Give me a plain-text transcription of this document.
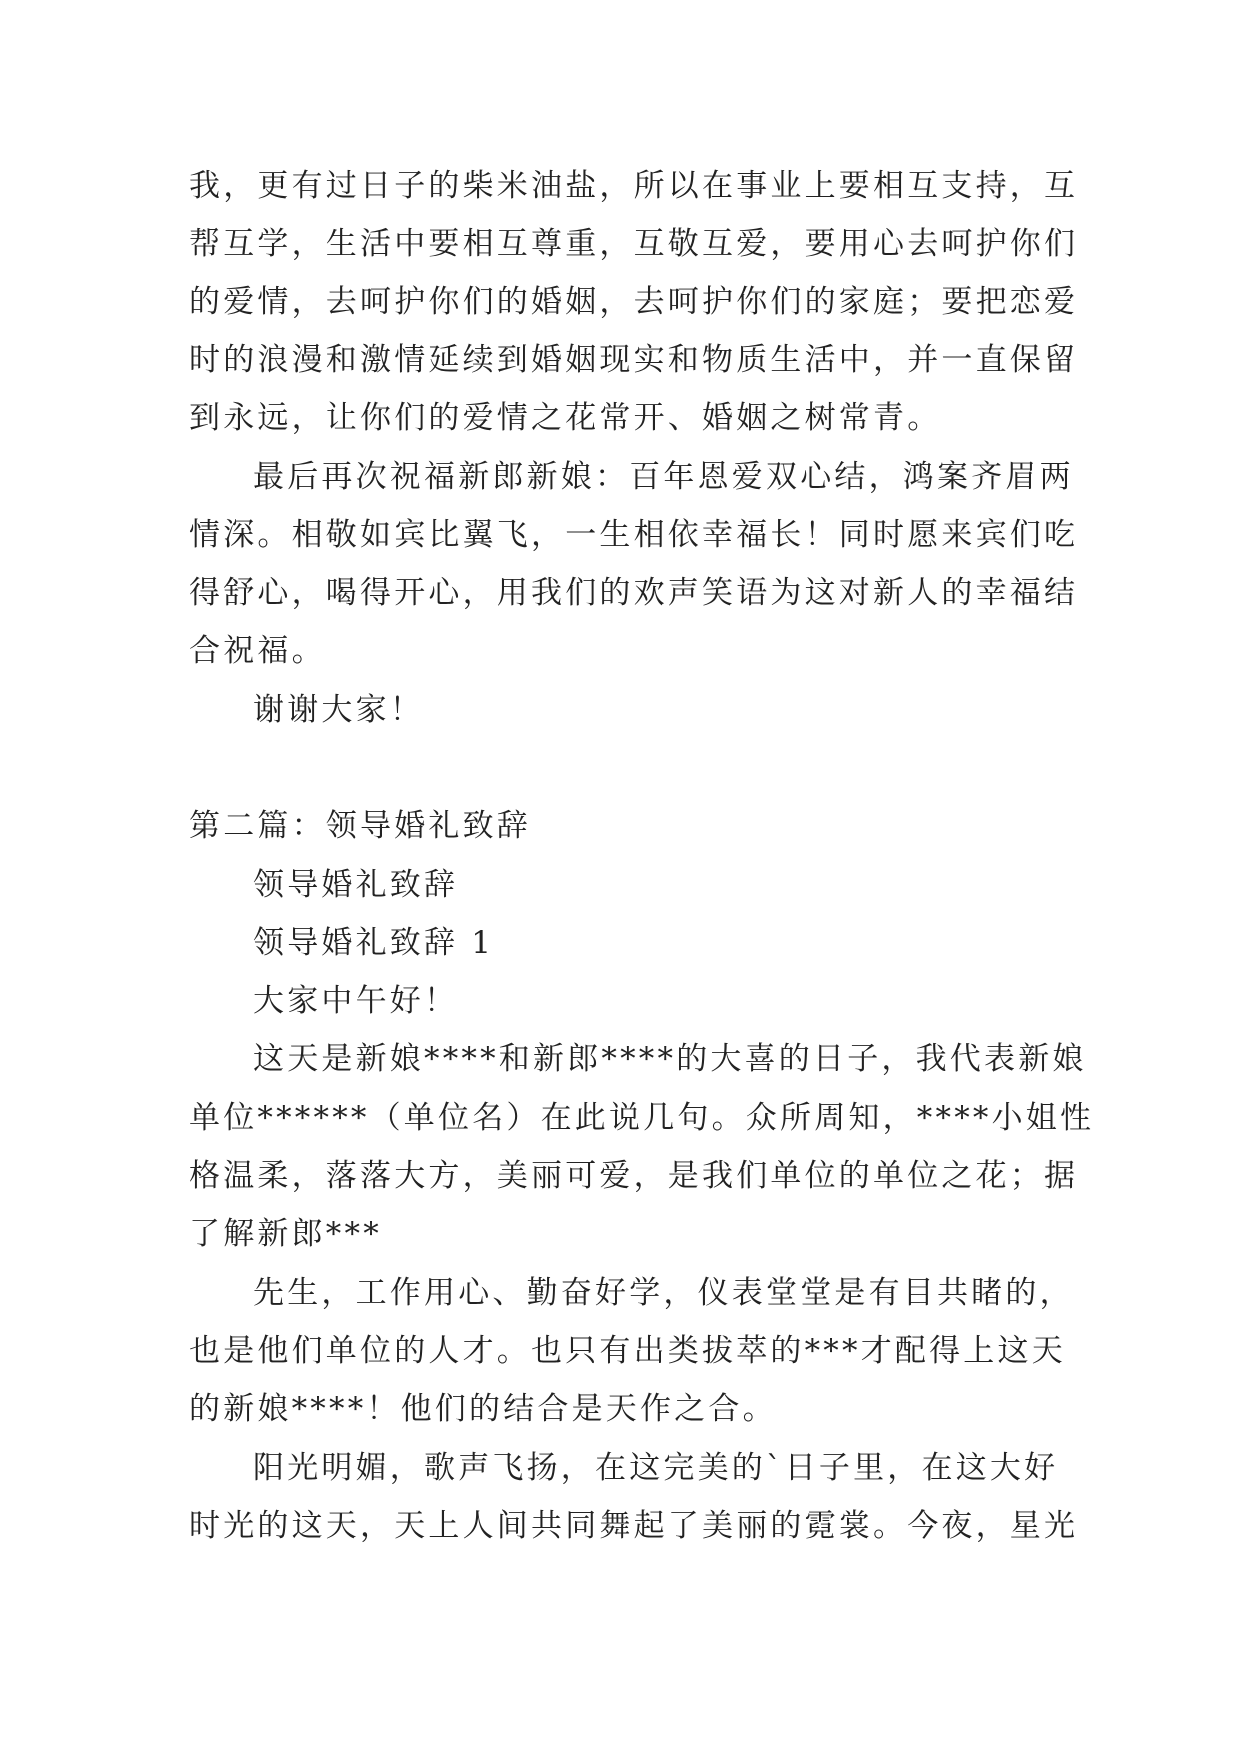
我，更有过日子的柴米油盐，所以在事业上要相互支持，互

帮互学，生活中要相互尊重，互敬互爱，要用心去呵护你们

的爱情，去呵护你们的婚姻，去呵护你们的家庭；要把恋爱

时的浪漫和激情延续到婚姻现实和物质生活中，并一直保留

到永远，让你们的爱情之花常开、婚姻之树常青。

最后再次祝福新郎新娘：百年恩爱双心结，鸿案齐眉两

情深。相敬如宾比翼飞，一生相依幸福长！同时愿来宾们吃

得舒心，喝得开心，用我们的欢声笑语为这对新人的幸福结

合祝福。

谢谢大家！

第二篇：领导婚礼致辞

领导婚礼致辞

领导婚礼致辞 1

大家中午好！

这天是新娘****和新郎****的大喜的日子，我代表新娘

单位******（单位名）在此说几句。众所周知，****小姐性

格温柔，落落大方，美丽可爱，是我们单位的单位之花；据

了解新郎***

先生，工作用心、勤奋好学，仪表堂堂是有目共睹的，

也是他们单位的人才。也只有出类拔萃的***才配得上这天

的新娘****！他们的结合是天作之合。

阳光明媚，歌声飞扬，在这完美的`日子里，在这大好

时光的这天，天上人间共同舞起了美丽的霓裳。今夜，星光
